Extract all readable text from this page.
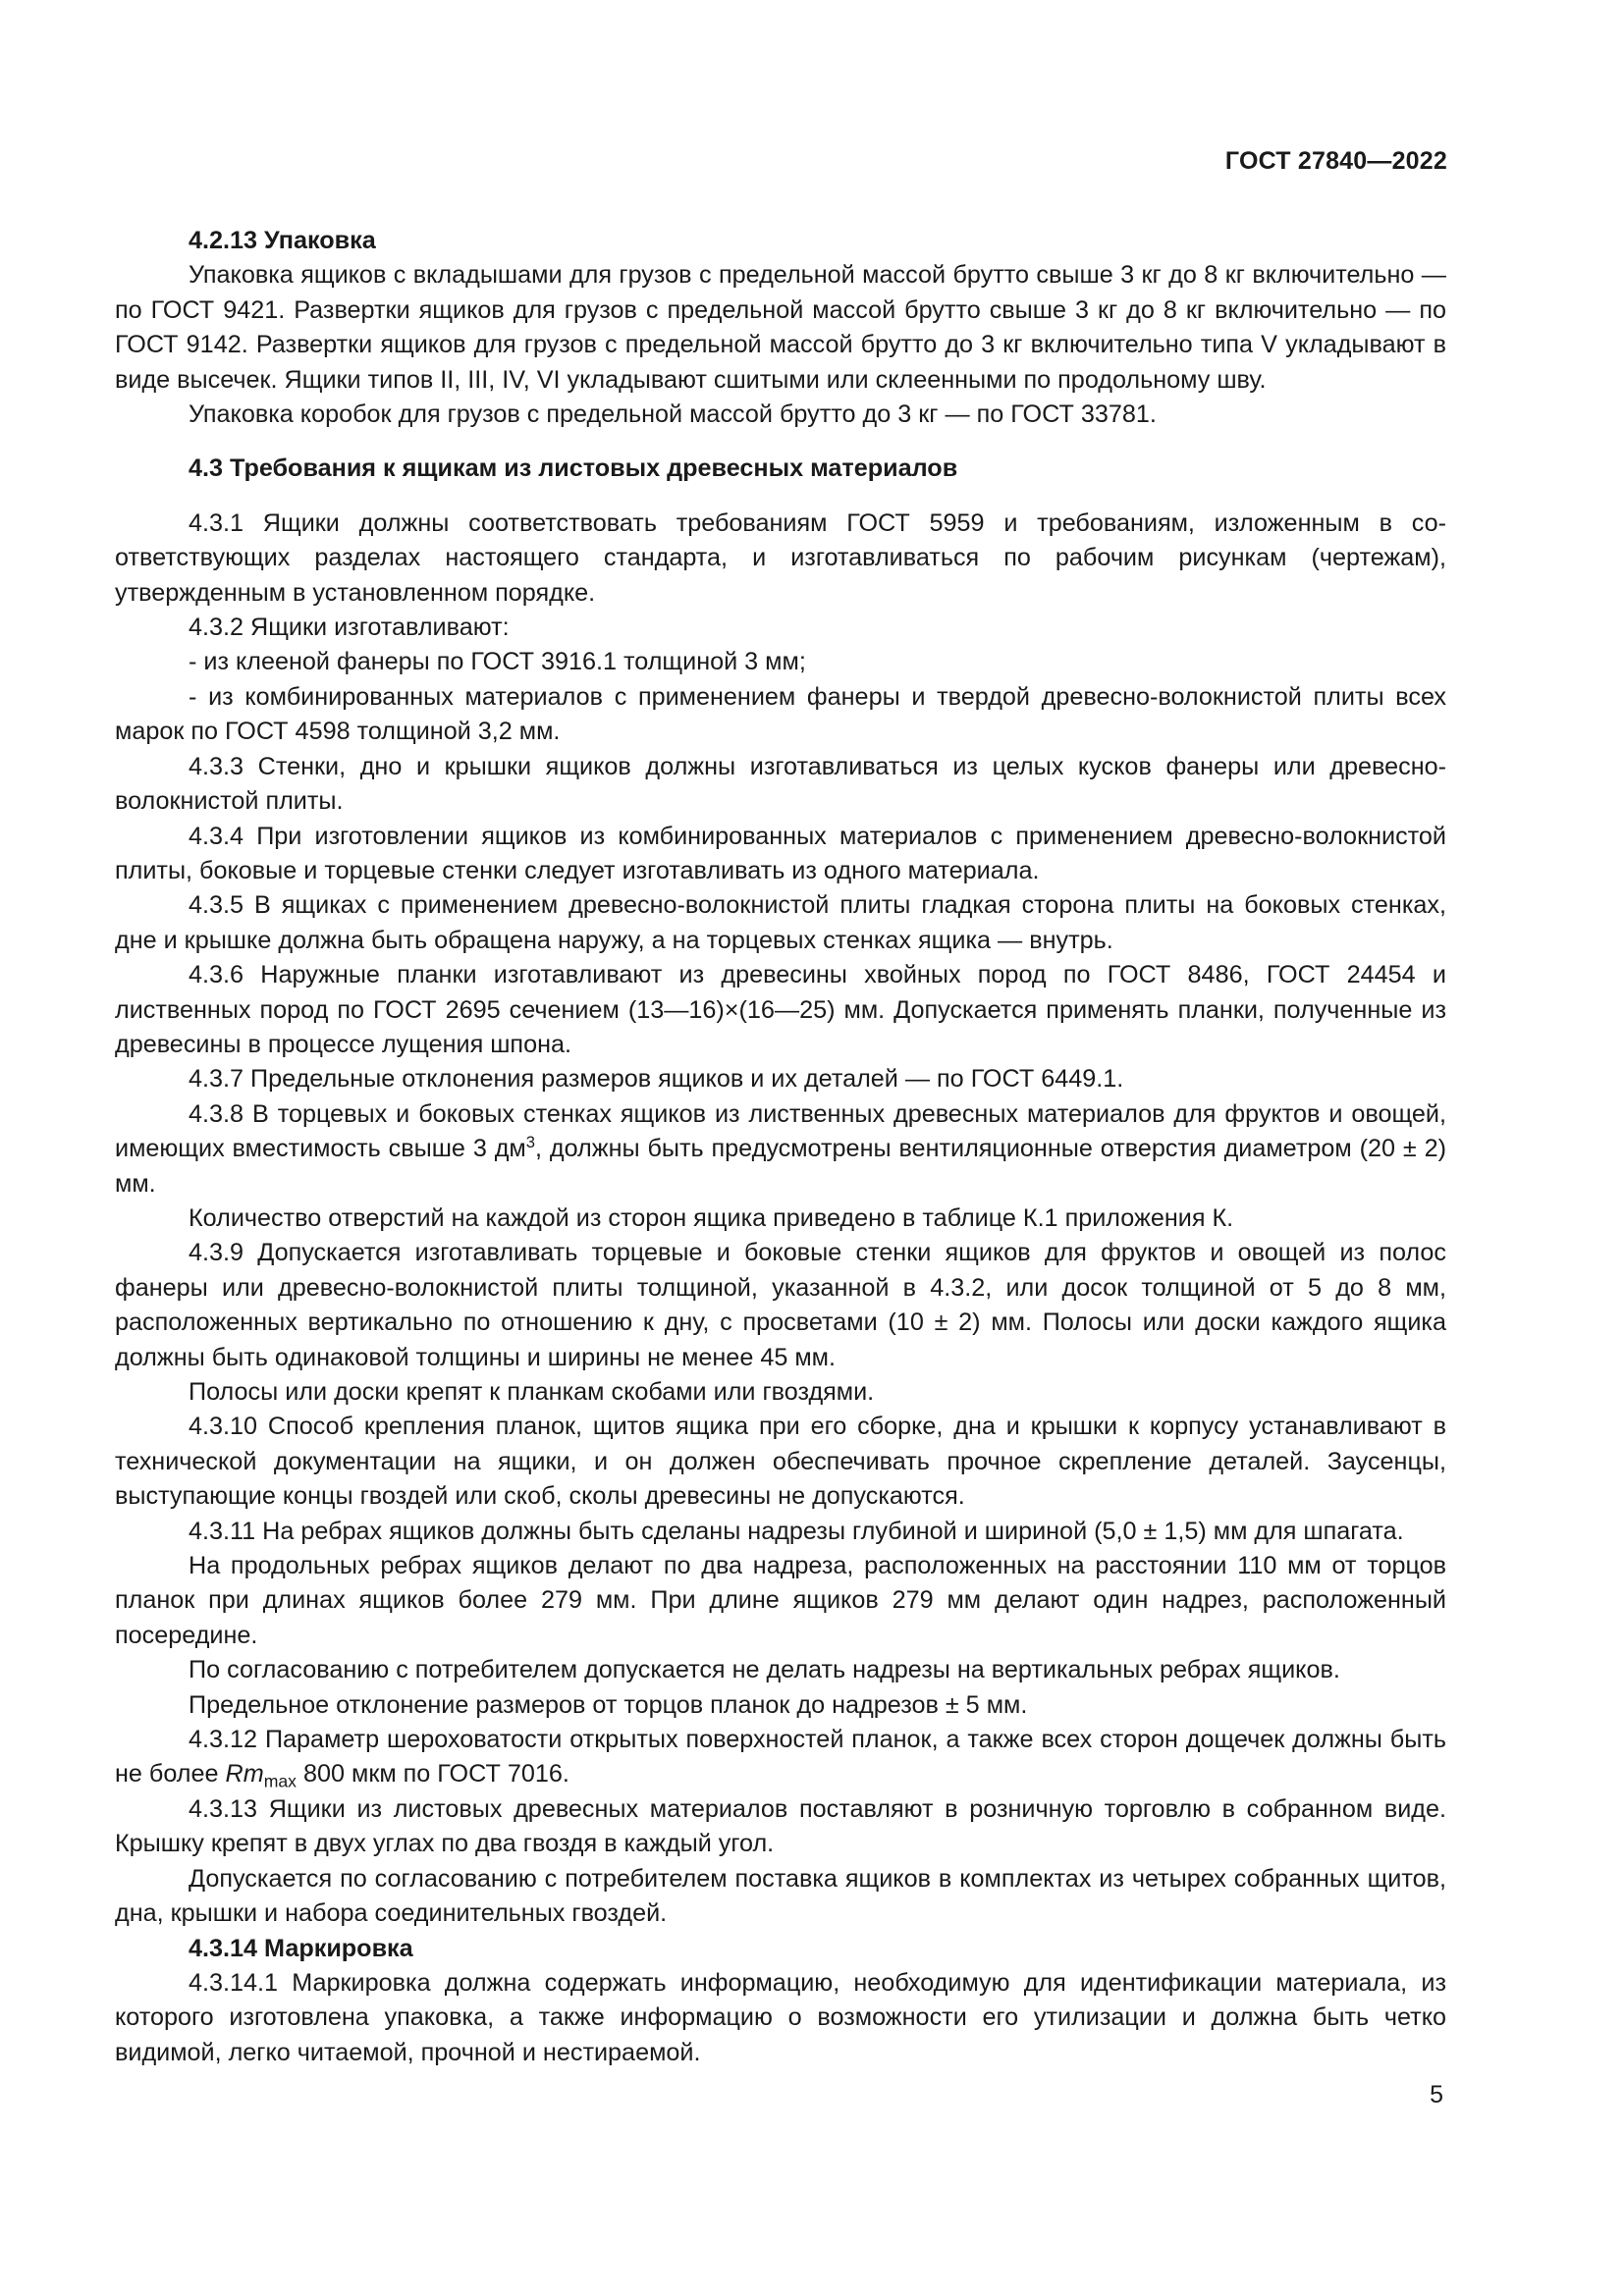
ГОСТ 27840—2022

4.2.13 Упаковка

Упаковка ящиков с вкладышами для грузов с предельной массой брутто свыше 3 кг до 8 кг включительно — по ГОСТ 9421. Развертки ящиков для грузов с предельной массой брутто свыше 3 кг до 8 кг включительно — по ГОСТ 9142. Развертки ящиков для грузов с предельной массой брутто до 3 кг включительно типа V укладывают в виде высечек. Ящики типов II, III, IV, VI укладывают сшитыми или склеенными по продольному шву.

Упаковка коробок для грузов с предельной массой брутто до 3 кг — по ГОСТ 33781.

4.3 Требования к ящикам из листовых древесных материалов

4.3.1 Ящики должны соответствовать требованиям ГОСТ 5959 и требованиям, изложенным в соответствующих разделах настоящего стандарта, и изготавливаться по рабочим рисункам (чертежам), утвержденным в установленном порядке.

4.3.2 Ящики изготавливают:

- из клееной фанеры по ГОСТ 3916.1 толщиной 3 мм;

- из комбинированных материалов с применением фанеры и твердой древесно-волокнистой плиты всех марок по ГОСТ 4598 толщиной 3,2 мм.

4.3.3 Стенки, дно и крышки ящиков должны изготавливаться из целых кусков фанеры или древесно-волокнистой плиты.

4.3.4 При изготовлении ящиков из комбинированных материалов с применением древесно-волокнистой плиты, боковые и торцевые стенки следует изготавливать из одного материала.

4.3.5 В ящиках с применением древесно-волокнистой плиты гладкая сторона плиты на боковых стенках, дне и крышке должна быть обращена наружу, а на торцевых стенках ящика — внутрь.

4.3.6 Наружные планки изготавливают из древесины хвойных пород по ГОСТ 8486, ГОСТ 24454 и лиственных пород по ГОСТ 2695 сечением (13—16)×(16—25) мм. Допускается применять планки, полученные из древесины в процессе лущения шпона.

4.3.7 Предельные отклонения размеров ящиков и их деталей — по ГОСТ 6449.1.

4.3.8 В торцевых и боковых стенках ящиков из лиственных древесных материалов для фруктов и овощей, имеющих вместимость свыше 3 $дм^3$, должны быть предусмотрены вентиляционные отверстия диаметром (20 ± 2) мм.

Количество отверстий на каждой из сторон ящика приведено в таблице К.1 приложения К.

4.3.9 Допускается изготавливать торцевые и боковые стенки ящиков для фруктов и овощей из полос фанеры или древесно-волокнистой плиты толщиной, указанной в 4.3.2, или досок толщиной от 5 до 8 мм, расположенных вертикально по отношению к дну, с просветами (10 ± 2) мм. Полосы или доски каждого ящика должны быть одинаковой толщины и ширины не менее 45 мм.

Полосы или доски крепят к планкам скобами или гвоздями.

4.3.10 Способ крепления планок, щитов ящика при его сборке, дна и крышки к корпусу устанавливают в технической документации на ящики, и он должен обеспечивать прочное скрепление деталей. Заусенцы, выступающие концы гвоздей или скоб, сколы древесины не допускаются.

4.3.11 На ребрах ящиков должны быть сделаны надрезы глубиной и шириной (5,0 ± 1,5) мм для шпагата.

На продольных ребрах ящиков делают по два надреза, расположенных на расстоянии 110 мм от торцов планок при длинах ящиков более 279 мм. При длине ящиков 279 мм делают один надрез, расположенный посередине.

По согласованию с потребителем допускается не делать надрезы на вертикальных ребрах ящиков.

Предельное отклонение размеров от торцов планок до надрезов ± 5 мм.

4.3.12 Параметр шероховатости открытых поверхностей планок, а также всех сторон дощечек должны быть не более $Rm_{max}$ 800 мкм по ГОСТ 7016.

4.3.13 Ящики из листовых древесных материалов поставляют в розничную торговлю в собранном виде. Крышку крепят в двух углах по два гвоздя в каждый угол.

Допускается по согласованию с потребителем поставка ящиков в комплектах из четырех собранных щитов, дна, крышки и набора соединительных гвоздей.

4.3.14 Маркировка

4.3.14.1 Маркировка должна содержать информацию, необходимую для идентификации материала, из которого изготовлена упаковка, а также информацию о возможности его утилизации и должна быть четко видимой, легко читаемой, прочной и нестираемой.

5
